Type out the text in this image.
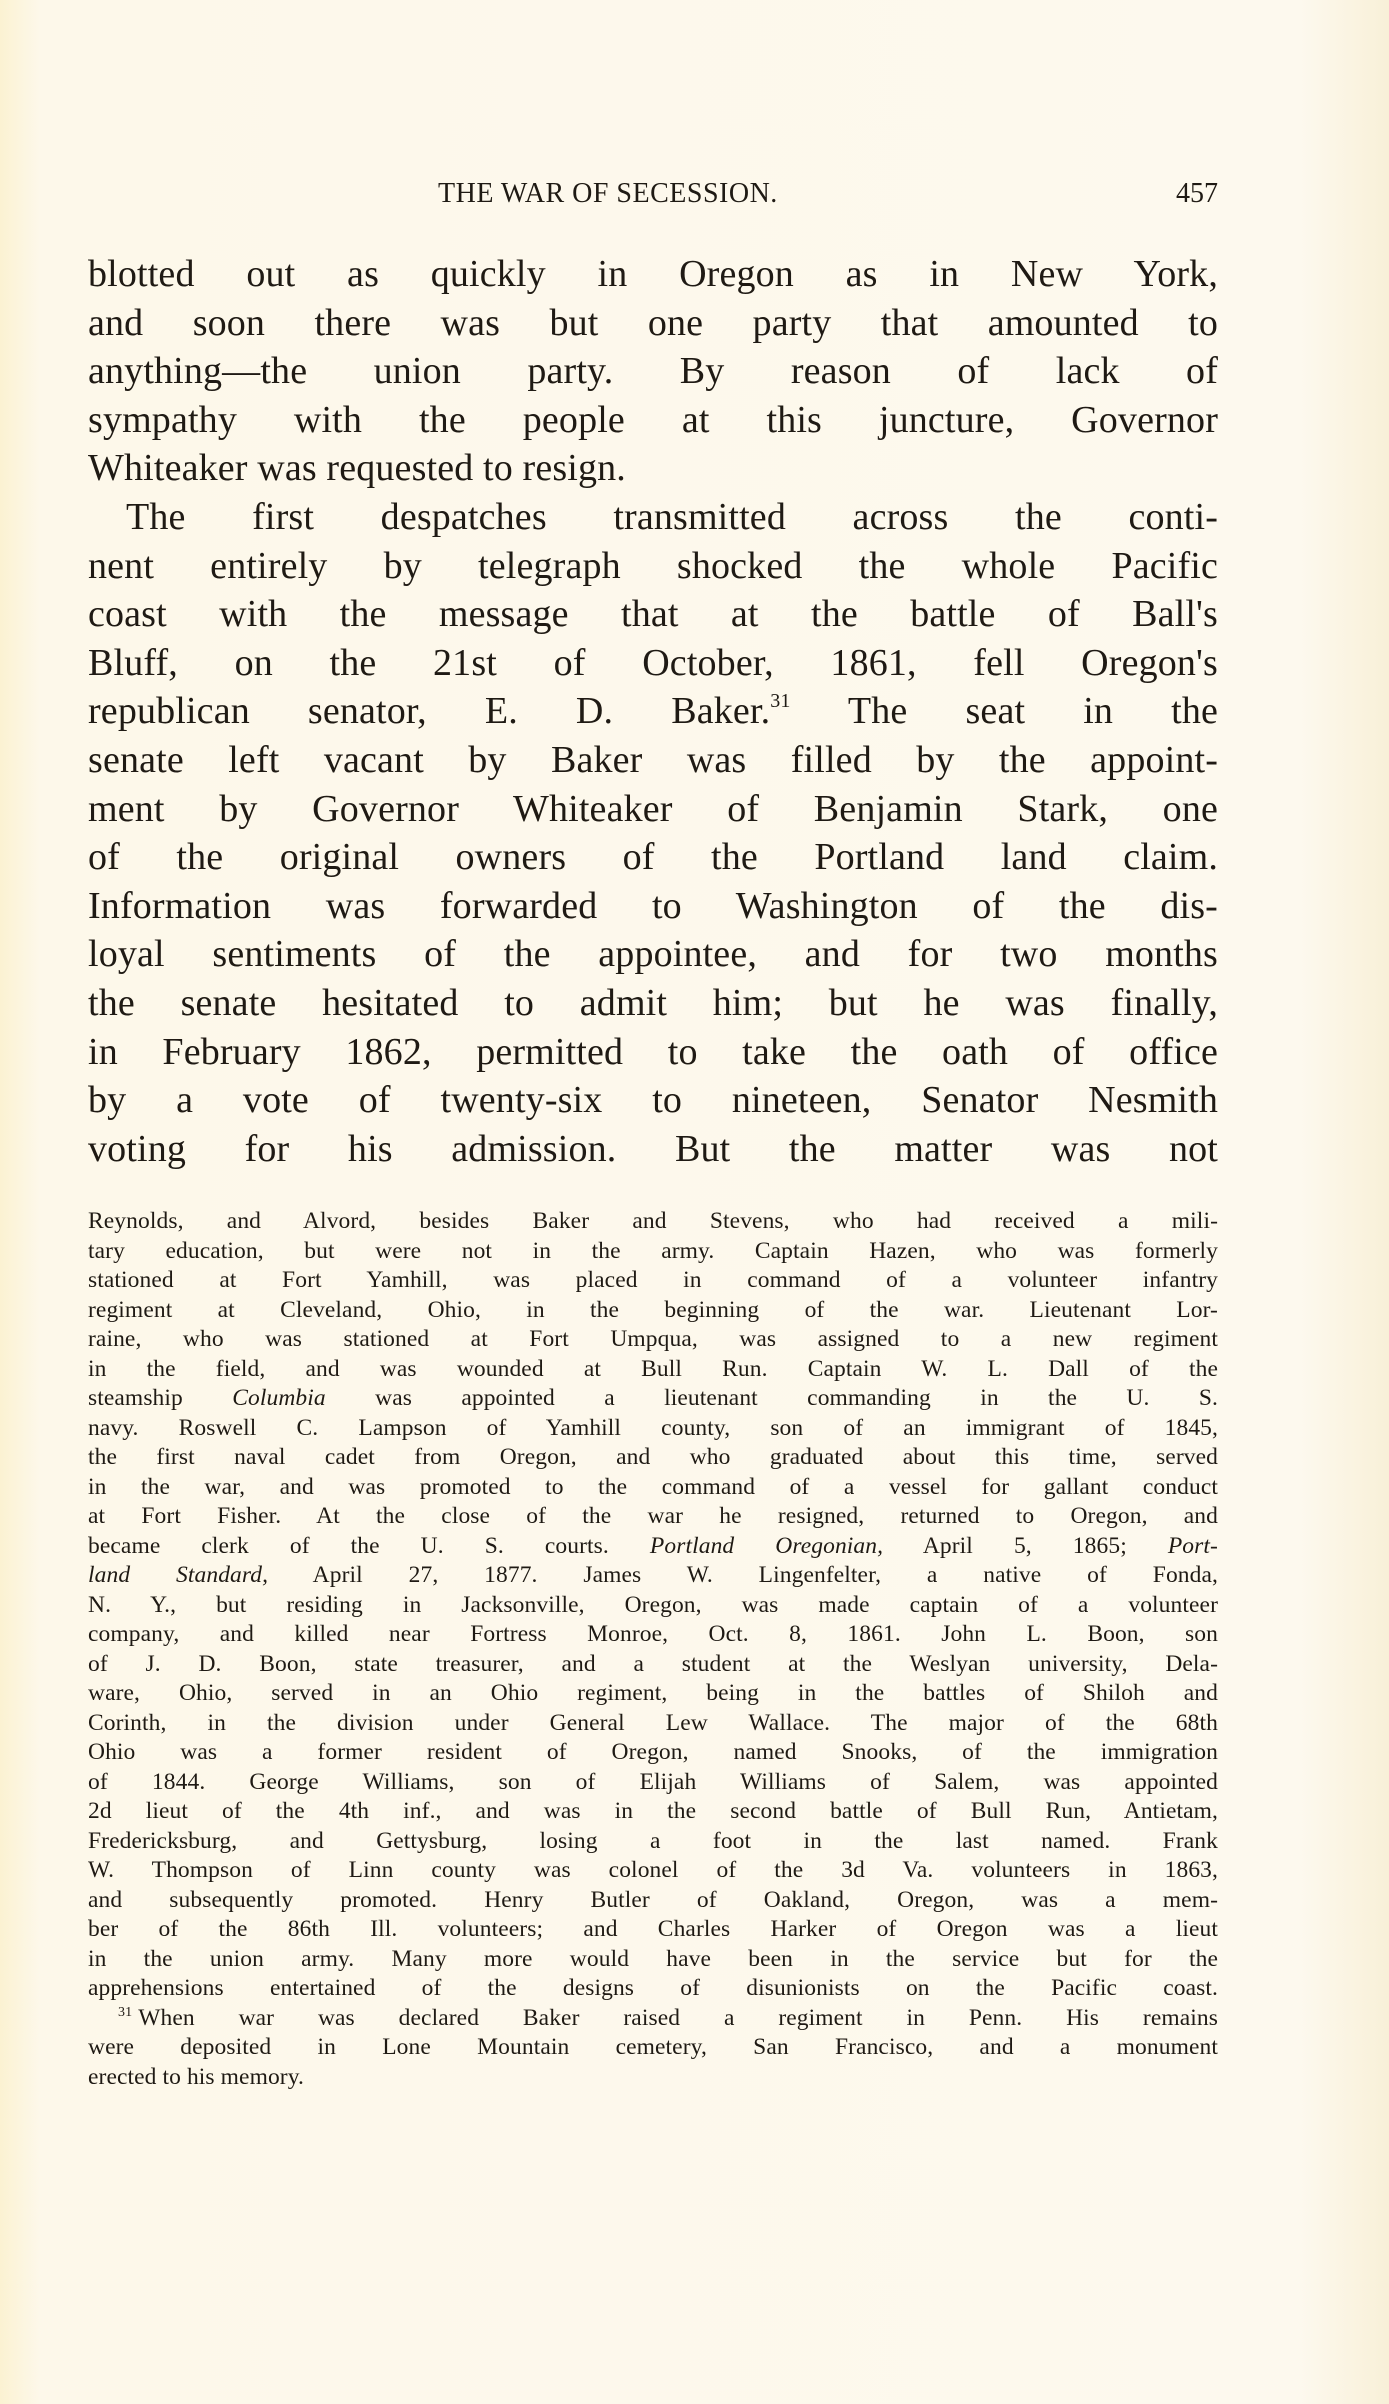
THE WAR OF SECESSION.	457
blotted out as quickly in Oregon as in New York,
and soon there was but one party that amounted to
anything—the union party. By reason of lack of
sympathy with the people at this juncture, Governor
Whiteaker was requested to resign.
The first despatches transmitted across the conti-
nent entirely by telegraph shocked the whole Pacific
coast with the message that at the battle of Ball's
Bluff, on the 21st of October, 1861, fell Oregon's
republican senator, E. D. Baker.$^{31}$ The seat in the
senate left vacant by Baker was filled by the appoint-
ment by Governor Whiteaker of Benjamin Stark, one
of the original owners of the Portland land claim.
Information was forwarded to Washington of the dis-
loyal sentiments of the appointee, and for two months
the senate hesitated to admit him; but he was finally,
in February 1862, permitted to take the oath of office
by a vote of twenty-six to nineteen, Senator Nesmith
voting for his admission. But the matter was not
Reynolds, and Alvord, besides Baker and Stevens, who had received a mili-
tary education, but were not in the army. Captain Hazen, who was formerly
stationed at Fort Yamhill, was placed in command of a volunteer infantry
regiment at Cleveland, Ohio, in the beginning of the war. Lieutenant Lor-
raine, who was stationed at Fort Umpqua, was assigned to a new regiment
in the field, and was wounded at Bull Run. Captain W. L. Dall of the
steamship Columbia was appointed a lieutenant commanding in the U. S.
navy. Roswell C. Lampson of Yamhill county, son of an immigrant of 1845,
the first naval cadet from Oregon, and who graduated about this time, served
in the war, and was promoted to the command of a vessel for gallant conduct
at Fort Fisher. At the close of the war he resigned, returned to Oregon, and
became clerk of the U. S. courts. Portland Oregonian, April 5, 1865; Port-
land Standard, April 27, 1877. James W. Lingenfelter, a native of Fonda,
N. Y., but residing in Jacksonville, Oregon, was made captain of a volunteer
company, and killed near Fortress Monroe, Oct. 8, 1861. John L. Boon, son
of J. D. Boon, state treasurer, and a student at the Weslyan university, Dela-
ware, Ohio, served in an Ohio regiment, being in the battles of Shiloh and
Corinth, in the division under General Lew Wallace. The major of the 68th
Ohio was a former resident of Oregon, named Snooks, of the immigration
of 1844. George Williams, son of Elijah Williams of Salem, was appointed
2d lieut of the 4th inf., and was in the second battle of Bull Run, Antietam,
Fredericksburg, and Gettysburg, losing a foot in the last named. Frank
W. Thompson of Linn county was colonel of the 3d Va. volunteers in 1863,
and subsequently promoted. Henry Butler of Oakland, Oregon, was a mem-
ber of the 86th Ill. volunteers; and Charles Harker of Oregon was a lieut
in the union army. Many more would have been in the service but for the
apprehensions entertained of the designs of disunionists on the Pacific coast.
$^{31}$ When war was declared Baker raised a regiment in Penn. His remains
were deposited in Lone Mountain cemetery, San Francisco, and a monument
erected to his memory.
